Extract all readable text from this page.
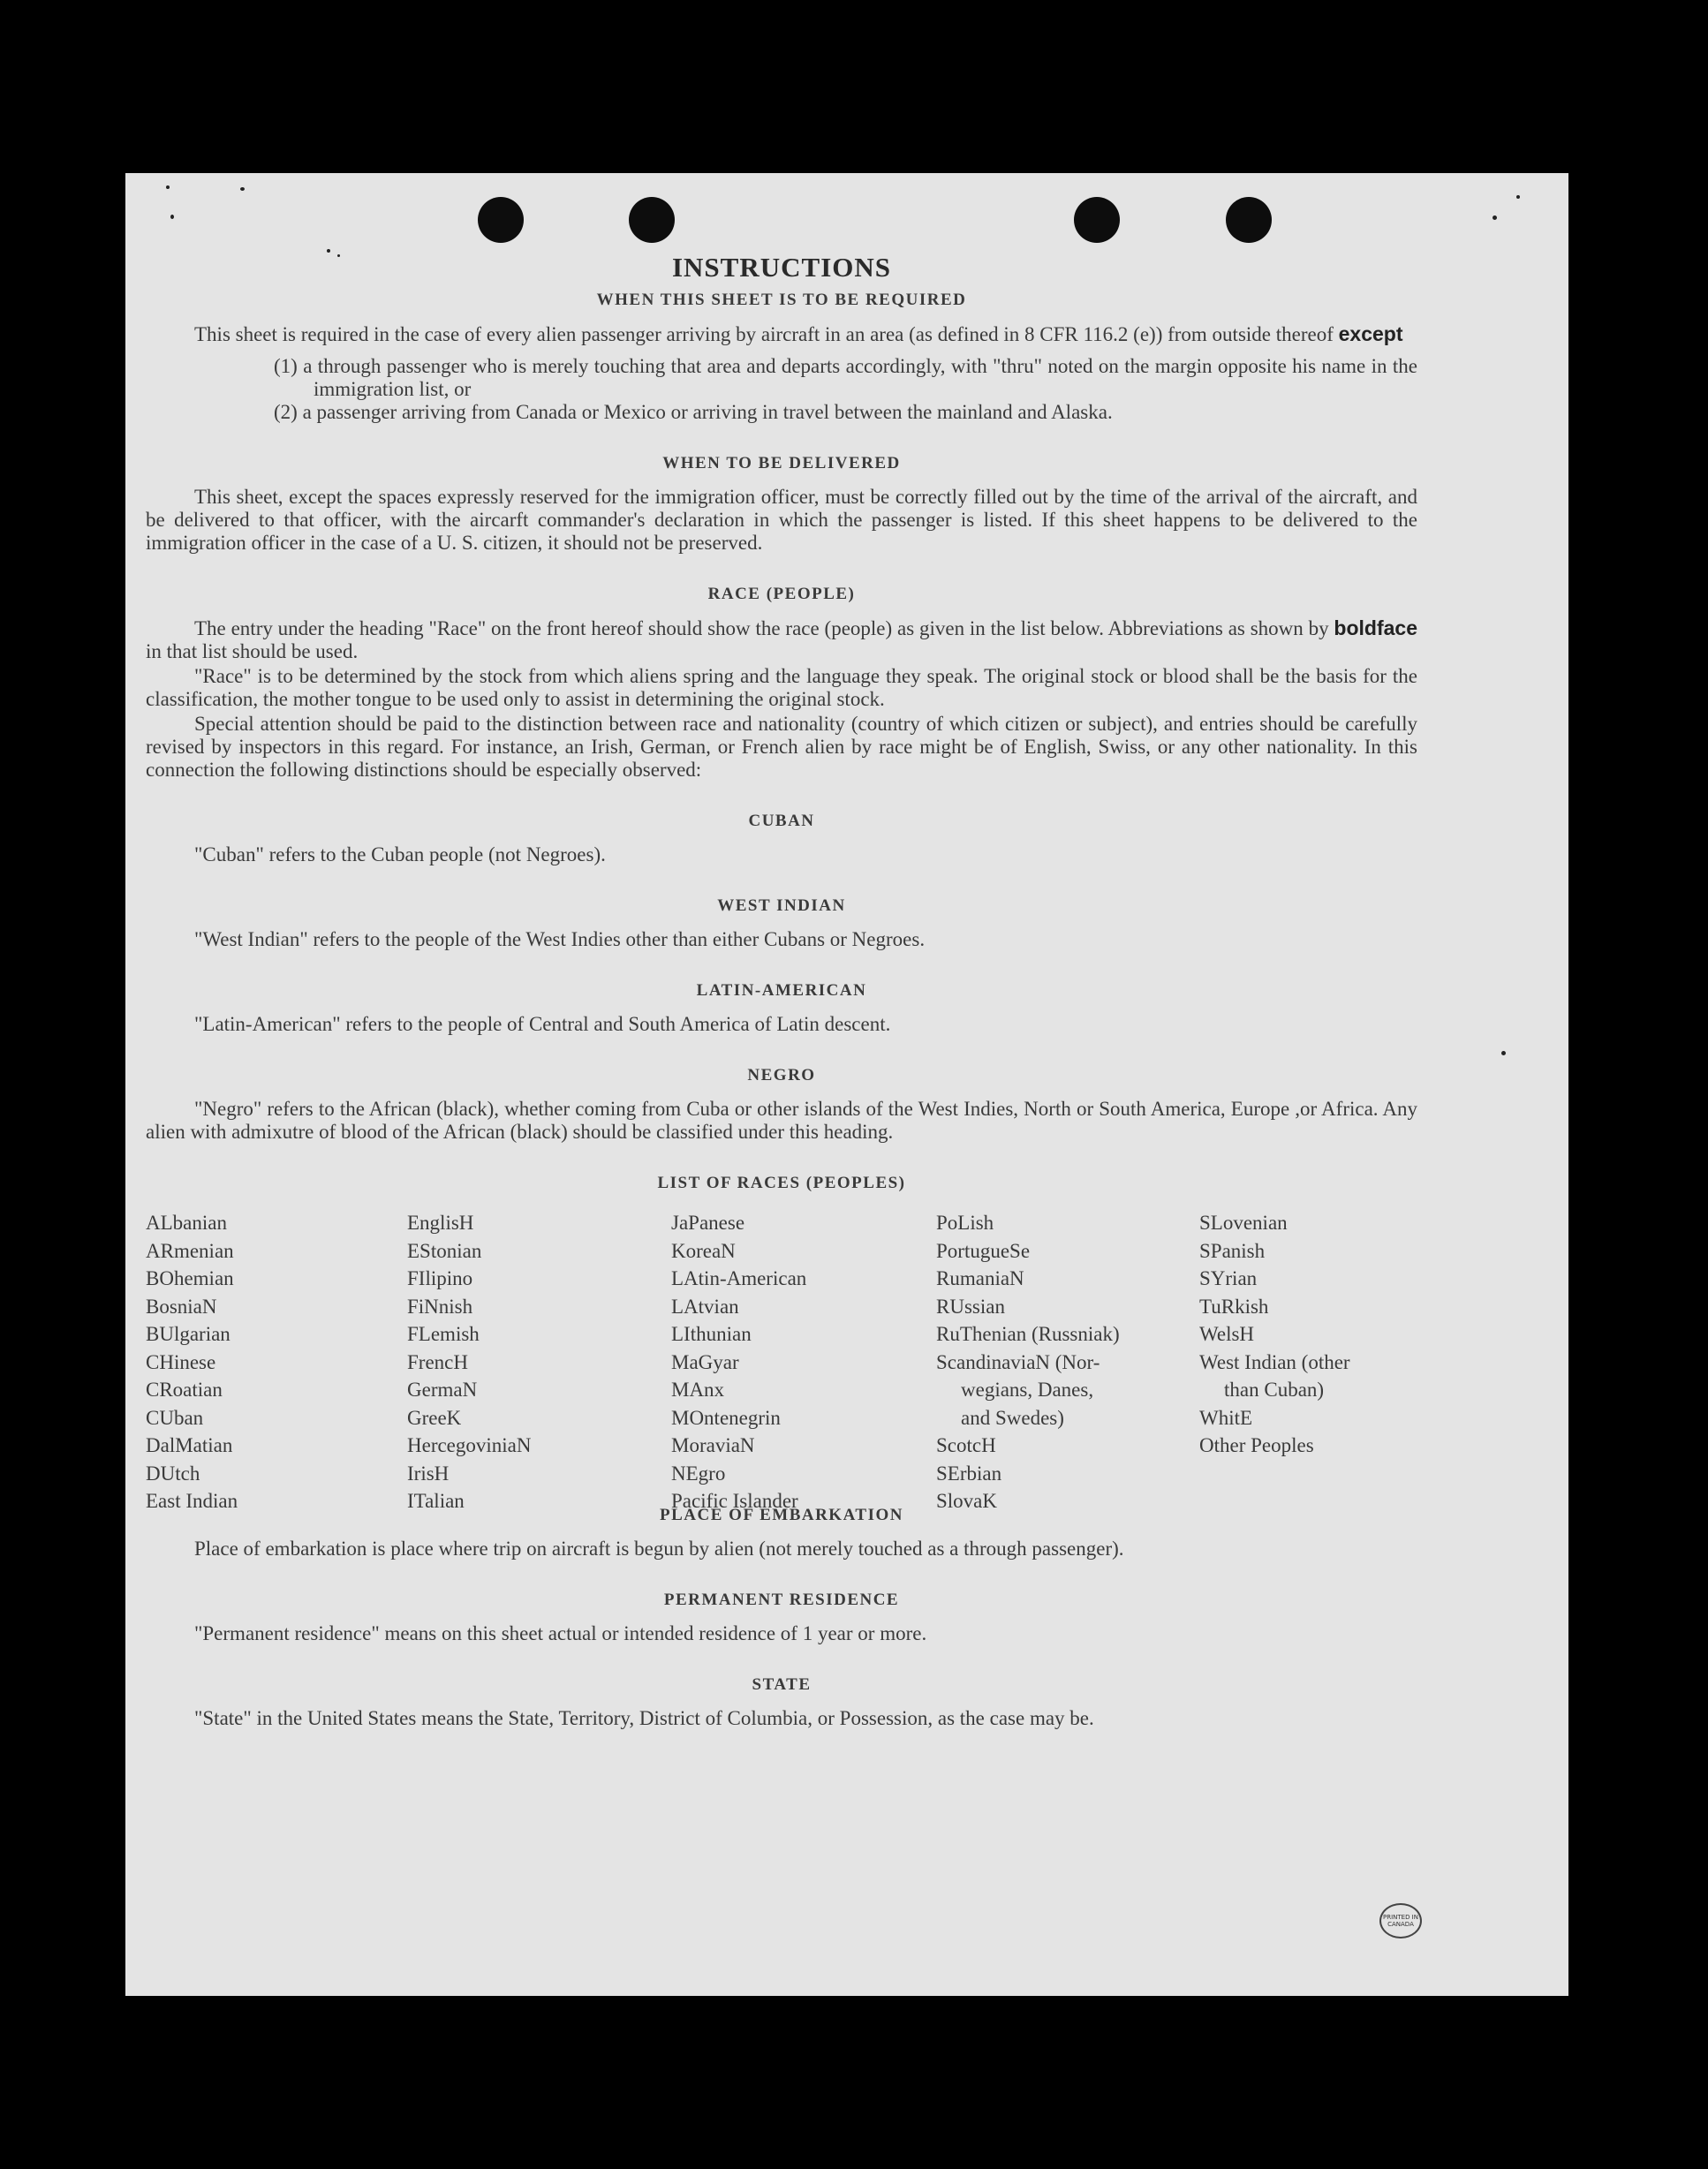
INSTRUCTIONS
WHEN THIS SHEET IS TO BE REQUIRED

This sheet is required in the case of every alien passenger arriving by aircraft in an area (as defined in 8 CFR 116.2 (e)) from outside thereof except

(1) a through passenger who is merely touching that area and departs accordingly, with "thru" noted on the margin opposite his name in the immigration list, or

(2) a passenger arriving from Canada or Mexico or arriving in travel between the mainland and Alaska.

WHEN TO BE DELIVERED

This sheet, except the spaces expressly reserved for the immigration officer, must be correctly filled out by the time of the arrival of the aircraft, and be delivered to that officer, with the aircarft commander's declaration in which the passenger is listed. If this sheet happens to be delivered to the immigration officer in the case of a U. S. citizen, it should not be preserved.

RACE (PEOPLE)

The entry under the heading "Race" on the front hereof should show the race (people) as given in the list below. Abbreviations as shown by boldface in that list should be used.

"Race" is to be determined by the stock from which aliens spring and the language they speak. The original stock or blood shall be the basis for the classification, the mother tongue to be used only to assist in determining the original stock.

Special attention should be paid to the distinction between race and nationality (country of which citizen or subject), and entries should be carefully revised by inspectors in this regard. For instance, an Irish, German, or French alien by race might be of English, Swiss, or any other nationality. In this connection the following distinctions should be especially observed:

CUBAN

"Cuban" refers to the Cuban people (not Negroes).

WEST INDIAN

"West Indian" refers to the people of the West Indies other than either Cubans or Negroes.

LATIN-AMERICAN

"Latin-American" refers to the people of Central and South America of Latin descent.

NEGRO

"Negro" refers to the African (black), whether coming from Cuba or other islands of the West Indies, North or South America, Europe ,or Africa. Any alien with admixutre of blood of the African (black) should be classified under this heading.

LIST OF RACES (PEOPLES)
ALbanian
ARmenian
BOhemian
BosniaN
BUlgarian
CHinese
CRoatian
CUban
DalMatian
DUtch
East Indian
EnglisH
EStonian
FIlipino
FiNnish
FLemish
FrencH
GermaN
GreeK
HercegoviniaN
IrisH
ITalian
JaPanese
KoreaN
LAtin-American
LAtvian
LIthunian
MaGyar
MAnx
MOntenegrin
MoraviaN
NEgro
Pacific Islander
PoLish
PortugueSe
RumaniaN
RUssian
RuThenian (Russniak)
ScandinaviaN (Nor-
wegians, Danes,
and Swedes)
ScotcH
SErbian
SlovaK
SLovenian
SPanish
SYrian
TuRkish
WelsH
West Indian (other
than Cuban)
WhitE
Other Peoples
PLACE OF EMBARKATION

Place of embarkation is place where trip on aircraft is begun by alien (not merely touched as a through passenger).

PERMANENT RESIDENCE

"Permanent residence" means on this sheet actual or intended residence of 1 year or more.

STATE

"State" in the United States means the State, Territory, District of Columbia, or Possession, as the case may be.

PRINTED IN CANADA
